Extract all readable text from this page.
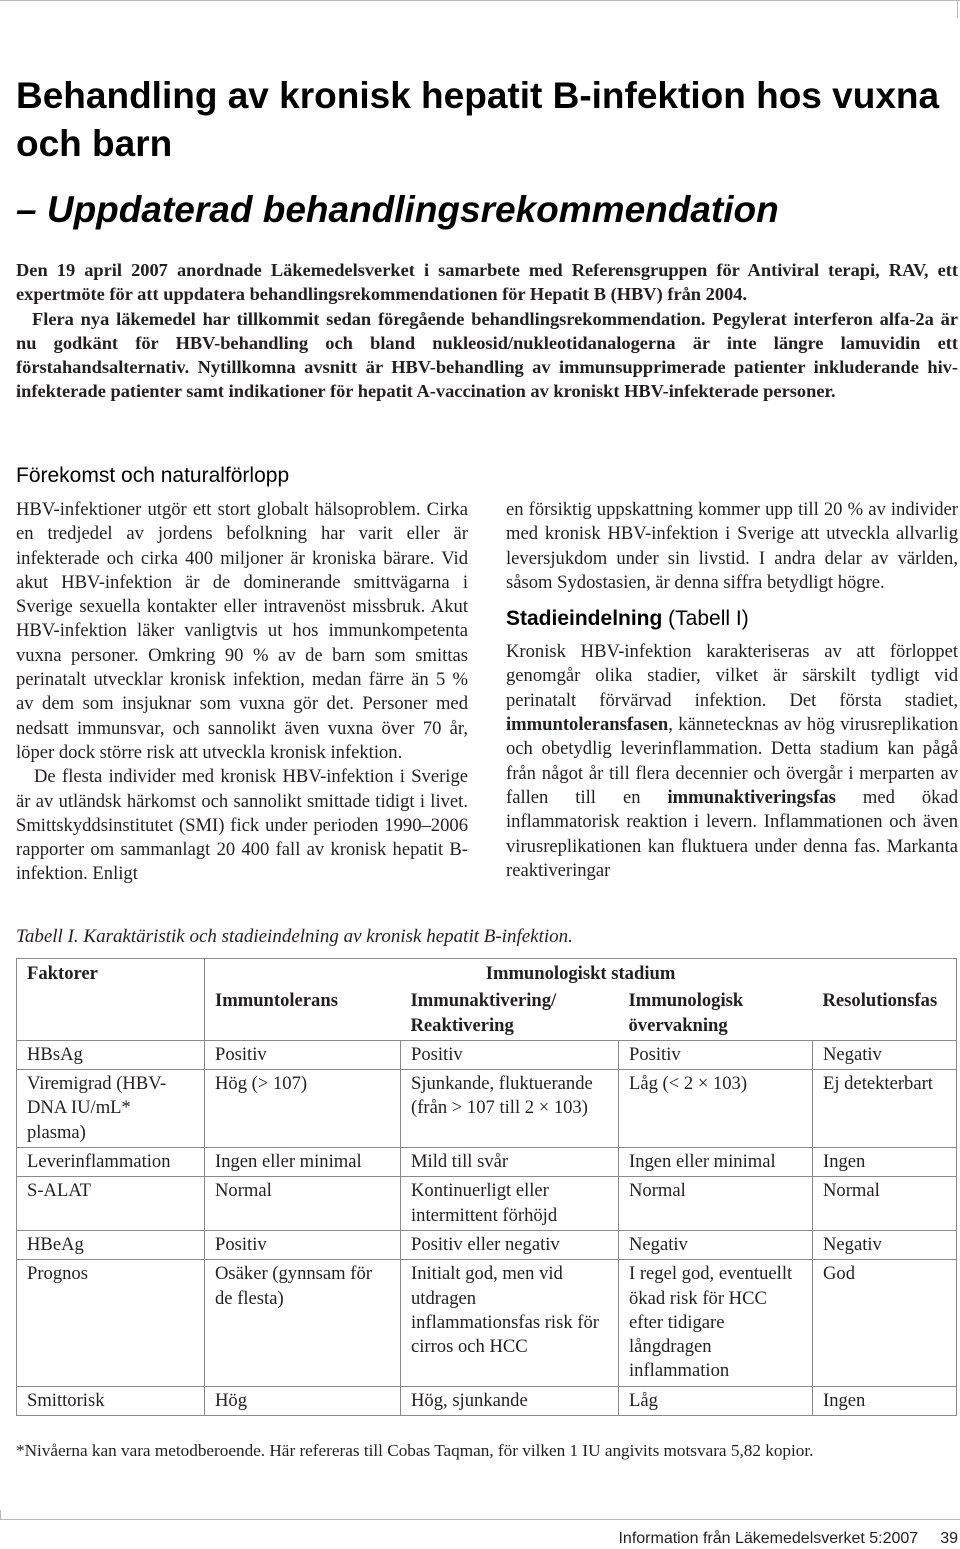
Behandling av kronisk hepatit B-infektion hos vuxna och barn
– Uppdaterad behandlingsrekommendation

Den 19 april 2007 anordnade Läkemedelsverket i samarbete med Referensgruppen för Antiviral terapi, RAV, ett expertmöte för att uppdatera behandlingsrekommendationen för Hepatit B (HBV) från 2004.

Flera nya läkemedel har tillkommit sedan föregående behandlingsrekommendation. Pegylerat interferon alfa-2a är nu godkänt för HBV-behandling och bland nukleosid/nukleotidanalogerna är inte längre lamuvidin ett förstahandsalternativ. Nytillkomna avsnitt är HBV-behandling av immunsupprimerade patienter inkluderande hiv-infekterade patienter samt indikationer för hepatit A-vaccination av kroniskt HBV-infekterade personer.

Förekomst och naturalförlopp

HBV-infektioner utgör ett stort globalt hälsoproblem. Cirka en tredjedel av jordens befolkning har varit eller är infekterade och cirka 400 miljoner är kroniska bärare. Vid akut HBV-infektion är de dominerande smittvägarna i Sverige sexuella kontakter eller intravenöst missbruk. Akut HBV-infektion läker vanligtvis ut hos immunkompetenta vuxna personer. Omkring 90 % av de barn som smittas perinatalt utvecklar kronisk infektion, medan färre än 5 % av dem som insjuknar som vuxna gör det. Personer med nedsatt immunsvar, och sannolikt även vuxna över 70 år, löper dock större risk att utveckla kronisk infektion.

De flesta individer med kronisk HBV-infektion i Sverige är av utländsk härkomst och sannolikt smittade tidigt i livet. Smittskyddsinstitutet (SMI) fick under perioden 1990–2006 rapporter om sammanlagt 20 400 fall av kronisk hepatit B-infektion. Enligt

en försiktig uppskattning kommer upp till 20 % av individer med kronisk HBV-infektion i Sverige att utveckla allvarlig leversjukdom under sin livstid. I andra delar av världen, såsom Sydostasien, är denna siffra betydligt högre.

Stadieindelning (Tabell I)

Kronisk HBV-infektion karakteriseras av att förloppet genomgår olika stadier, vilket är särskilt tydligt vid perinatalt förvärvad infektion. Det första stadiet, immuntoleransfasen, kännetecknas av hög virusreplikation och obetydlig leverinflammation. Detta stadium kan pågå från något år till flera decennier och övergår i merparten av fallen till en immunaktiveringsfas med ökad inflammatorisk reaktion i levern. Inflammationen och även virusreplikationen kan fluktuera under denna fas. Markanta reaktiveringar

Tabell I. Karaktäristik och stadieindelning av kronisk hepatit B-infektion.
Faktorer	Immunologiskt stadium			
	Immuntolerans	Immunaktivering/ Reaktivering	Immunologisk övervakning	Resolutionsfas
HBsAg	Positiv	Positiv	Positiv	Negativ
Viremigrad (HBV-DNA IU/mL* plasma)	Hög (> 107)	Sjunkande, fluktuerande (från > 107 till 2 × 103)	Låg (< 2 × 103)	Ej detekterbart
Leverinflammation	Ingen eller minimal	Mild till svår	Ingen eller minimal	Ingen
S-ALAT	Normal	Kontinuerligt eller intermittent förhöjd	Normal	Normal
HBeAg	Positiv	Positiv eller negativ	Negativ	Negativ
Prognos	Osäker (gynnsam för de flesta)	Initialt god, men vid utdragen inflammationsfas risk för cirros och HCC	I regel god, eventuellt ökad risk för HCC efter tidigare långdragen inflammation	God
Smittorisk	Hög	Hög, sjunkande	Låg	Ingen
*Nivåerna kan vara metodberoende. Här refereras till Cobas Taqman, för vilken 1 IU angivits motsvara 5,82 kopior.
Information från Läkemedelsverket 5:2007 39
